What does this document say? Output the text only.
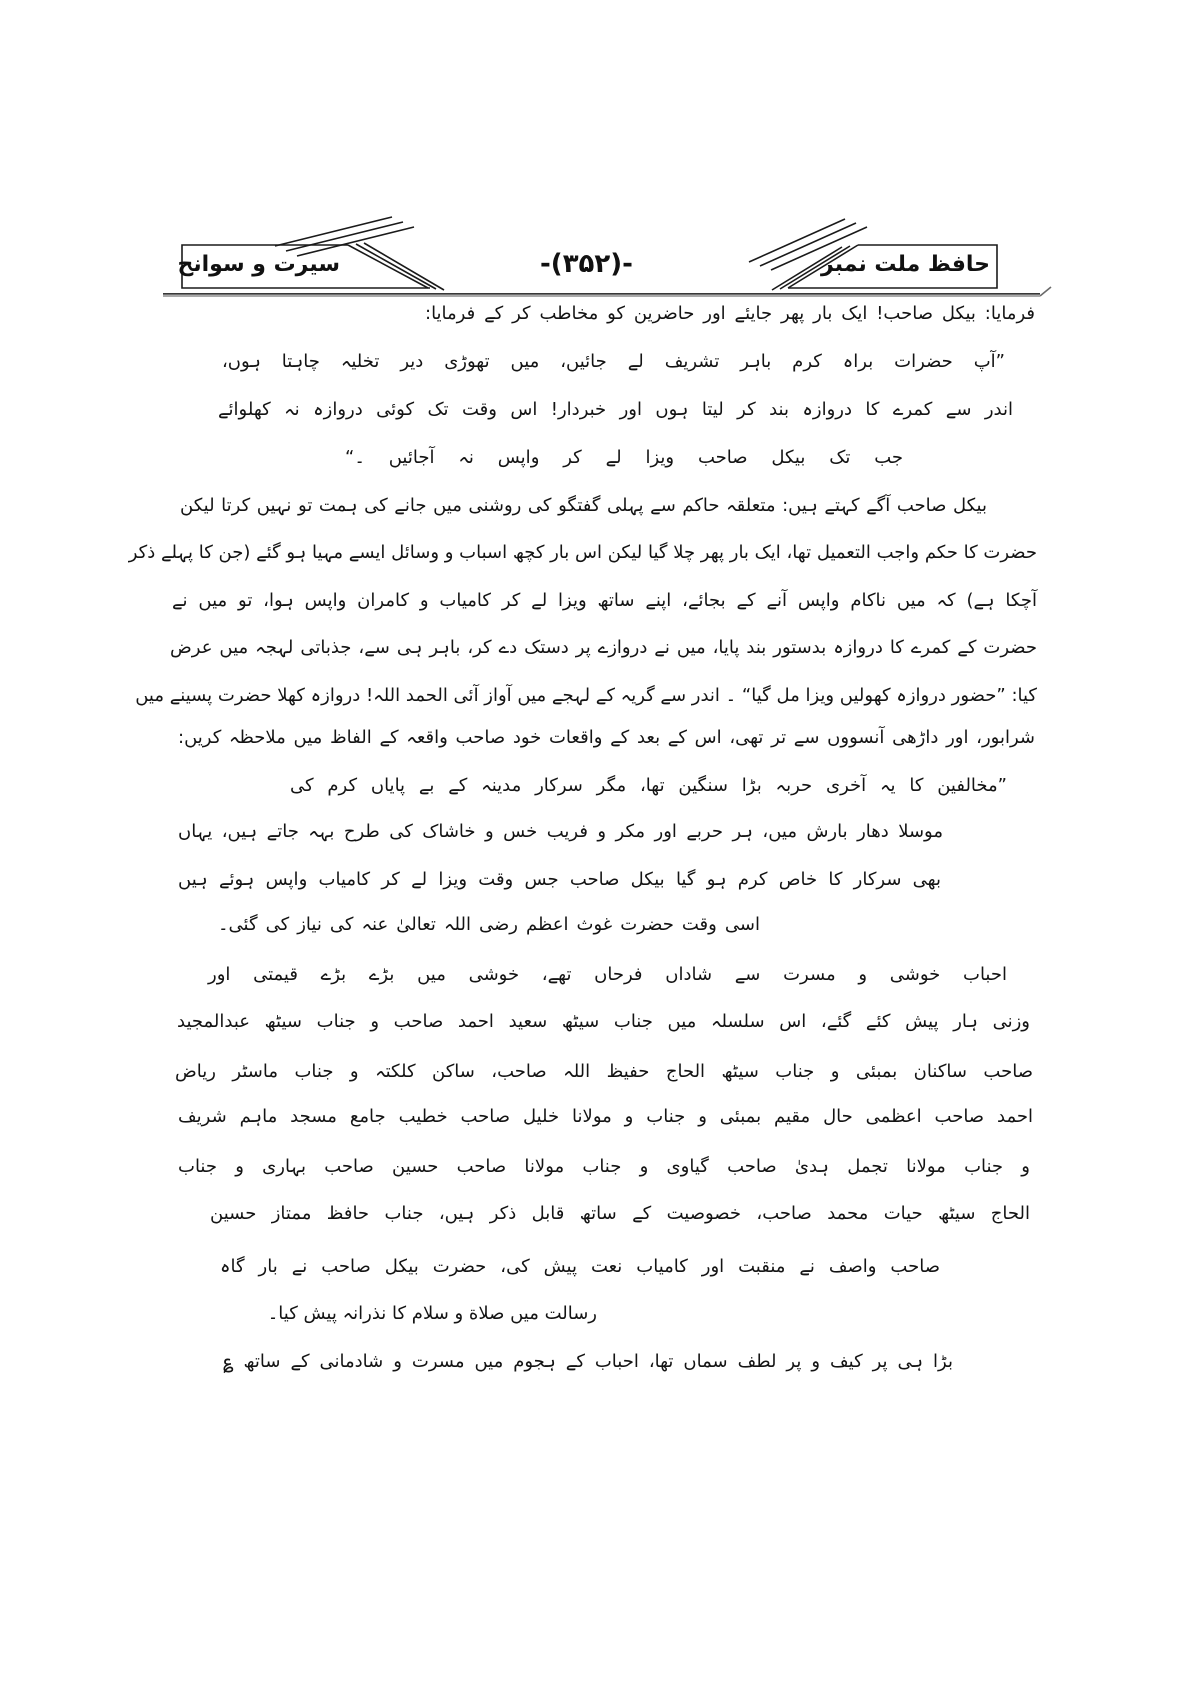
حافظ ملت نمبر
-(۳۵۲)-
سیرت و سوانح
فرمایا: بیکل صاحب! ایک بار پھر جایئے اور حاضرین کو مخاطب کر کے فرمایا:
”آپ حضرات براہ کرم باہر تشریف لے جائیں، میں تھوڑی دیر تخلیہ چاہتا ہوں،
اندر سے کمرے کا دروازہ بند کر لیتا ہوں اور خبردار! اس وقت تک کوئی دروازہ نہ کھلوائے
جب تک بیکل صاحب ویزا لے کر واپس نہ آجائیں ۔“
بیکل صاحب آگے کہتے ہیں: متعلقہ حاکم سے پہلی گفتگو کی روشنی میں جانے کی ہمت تو نہیں کرتا لیکن
حضرت کا حکم واجب التعمیل تھا، ایک بار پھر چلا گیا لیکن اس بار کچھ اسباب و وسائل ایسے مہیا ہو گئے (جن کا پہلے ذکر
آچکا ہے) کہ میں ناکام واپس آنے کے بجائے، اپنے ساتھ ویزا لے کر کامیاب و کامران واپس ہوا، تو میں نے
حضرت کے کمرے کا دروازہ بدستور بند پایا، میں نے دروازے پر دستک دے کر، باہر ہی سے، جذباتی لہجہ میں عرض
کیا: ”حضور دروازہ کھولیں ویزا مل گیا“ ۔ اندر سے گریہ کے لہجے میں آواز آئی الحمد اللہ! دروازہ کھلا حضرت پسینے میں
شرابور، اور داڑھی آنسووں سے تر تھی، اس کے بعد کے واقعات خود صاحب واقعہ کے الفاظ میں ملاحظہ کریں:
”مخالفین کا یہ آخری حربہ بڑا سنگین تھا، مگر سرکار مدینہ کے بے پایاں کرم کی
موسلا دھار بارش میں، ہر حربے اور مکر و فریب خس و خاشاک کی طرح بہہ جاتے ہیں، یہاں
بھی سرکار کا خاص کرم ہو گیا بیکل صاحب جس وقت ویزا لے کر کامیاب واپس ہوئے ہیں
اسی وقت حضرت غوث اعظم رضی اللہ تعالیٰ عنہ کی نیاز کی گئی۔
احباب خوشی و مسرت سے شاداں فرحاں تھے، خوشی میں بڑے بڑے قیمتی اور
وزنی ہار پیش کئے گئے، اس سلسلہ میں جناب سیٹھ سعید احمد صاحب و جناب سیٹھ عبدالمجید
صاحب ساکنان بمبئی و جناب سیٹھ الحاج حفیظ اللہ صاحب، ساکن کلکتہ و جناب ماسٹر ریاض
احمد صاحب اعظمی حال مقیم بمبئی و جناب و مولانا خلیل صاحب خطیب جامع مسجد ماہم شریف
و جناب مولانا تجمل ہدیٰ صاحب گیاوی و جناب مولانا صاحب حسین صاحب بہاری و جناب
الحاج سیٹھ حیات محمد صاحب، خصوصیت کے ساتھ قابل ذکر ہیں، جناب حافظ ممتاز حسین
صاحب واصف نے منقبت اور کامیاب نعت پیش کی، حضرت بیکل صاحب نے بار گاہ
رسالت میں صلاة و سلام کا نذرانہ پیش کیا۔
بڑا ہی پر کیف و پر لطف سماں تھا، احباب کے ہجوم میں مسرت و شادمانی کے ساتھ ؏
